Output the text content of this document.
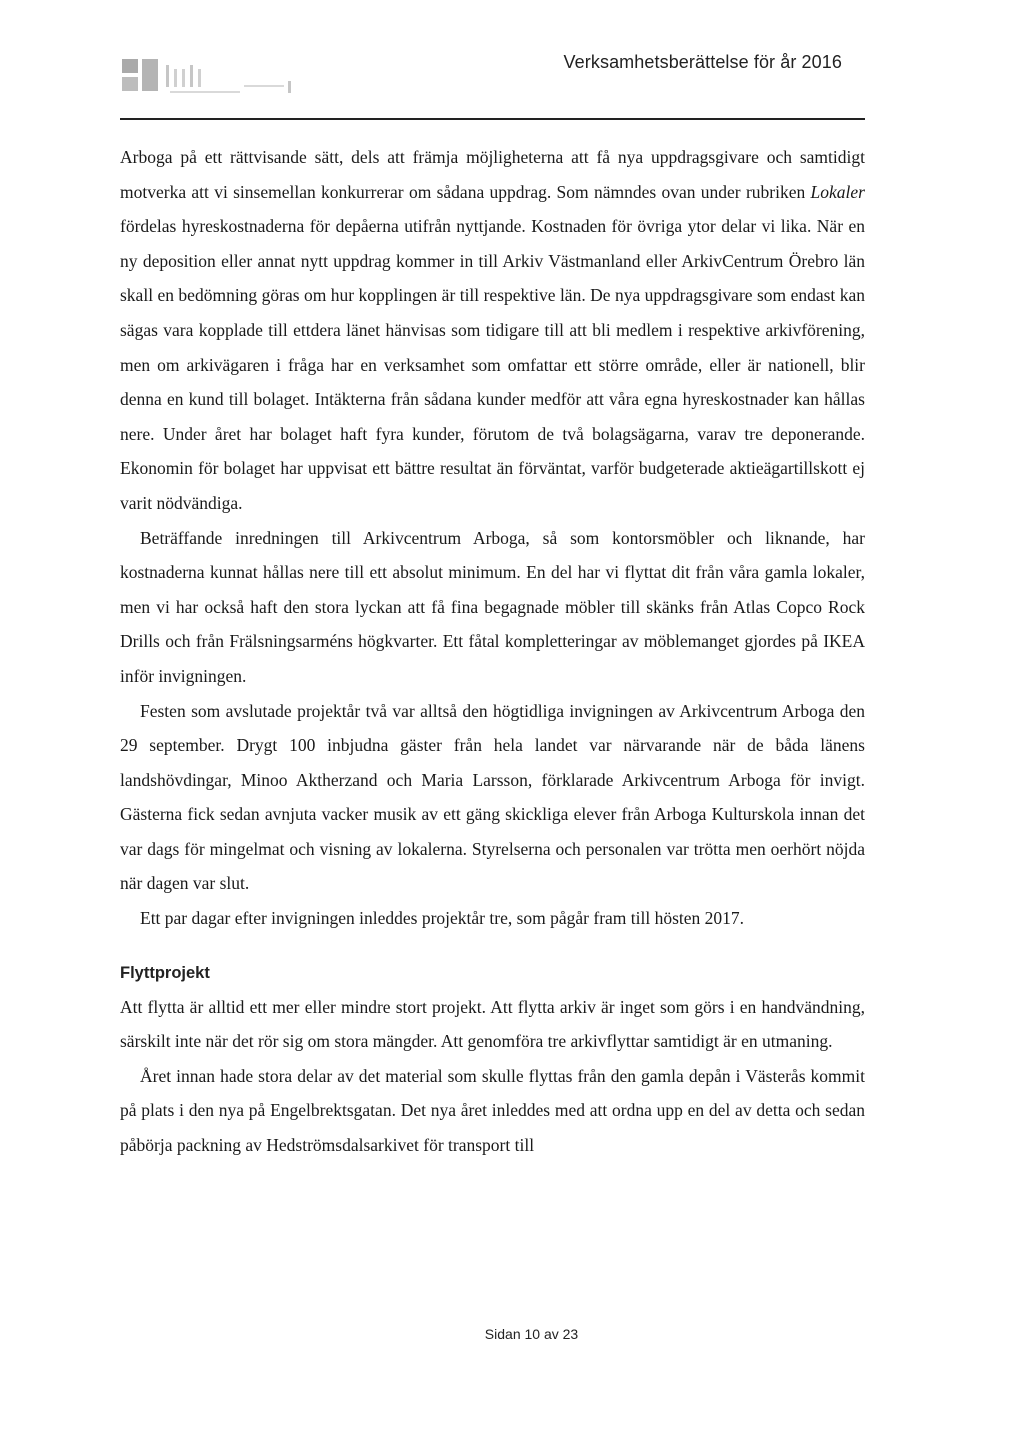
Verksamhetsberättelse för år 2016

Arboga på ett rättvisande sätt, dels att främja möjligheterna att få nya uppdragsgivare och samtidigt motverka att vi sinsemellan konkurrerar om sådana uppdrag. Som nämndes ovan under rubriken Lokaler fördelas hyreskostnaderna för depåerna utifrån nyttjande. Kostnaden för övriga ytor delar vi lika. När en ny deposition eller annat nytt uppdrag kommer in till Arkiv Västmanland eller ArkivCentrum Örebro län skall en bedömning göras om hur kopplingen är till respektive län. De nya uppdragsgivare som endast kan sägas vara kopplade till ettdera länet hänvisas som tidigare till att bli medlem i respektive arkivförening, men om arkivägaren i fråga har en verksamhet som omfattar ett större område, eller är nationell, blir denna en kund till bolaget. Intäkterna från sådana kunder medför att våra egna hyreskostnader kan hållas nere. Under året har bolaget haft fyra kunder, förutom de två bolagsägarna, varav tre deponerande. Ekonomin för bolaget har uppvisat ett bättre resultat än förväntat, varför budgeterade aktieägartillskott ej varit nödvändiga.

Beträffande inredningen till Arkivcentrum Arboga, så som kontorsmöbler och liknande, har kostnaderna kunnat hållas nere till ett absolut minimum. En del har vi flyttat dit från våra gamla lokaler, men vi har också haft den stora lyckan att få fina begagnade möbler till skänks från Atlas Copco Rock Drills och från Frälsningsarméns högkvarter. Ett fåtal kompletteringar av möblemanget gjordes på IKEA inför invigningen.

Festen som avslutade projektår två var alltså den högtidliga invigningen av Arkivcentrum Arboga den 29 september. Drygt 100 inbjudna gäster från hela landet var närvarande när de båda länens landshövdingar, Minoo Aktherzand och Maria Larsson, förklarade Arkivcentrum Arboga för invigt. Gästerna fick sedan avnjuta vacker musik av ett gäng skickliga elever från Arboga Kulturskola innan det var dags för mingelmat och visning av lokalerna. Styrelserna och personalen var trötta men oerhört nöjda när dagen var slut.

Ett par dagar efter invigningen inleddes projektår tre, som pågår fram till hösten 2017.

Flyttprojekt

Att flytta är alltid ett mer eller mindre stort projekt. Att flytta arkiv är inget som görs i en handvändning, särskilt inte när det rör sig om stora mängder. Att genomföra tre arkivflyttar samtidigt är en utmaning.

Året innan hade stora delar av det material som skulle flyttas från den gamla depån i Västerås kommit på plats i den nya på Engelbrektsgatan. Det nya året inleddes med att ordna upp en del av detta och sedan påbörja packning av Hedströmsdalsarkivet för transport till

Sidan 10 av 23
